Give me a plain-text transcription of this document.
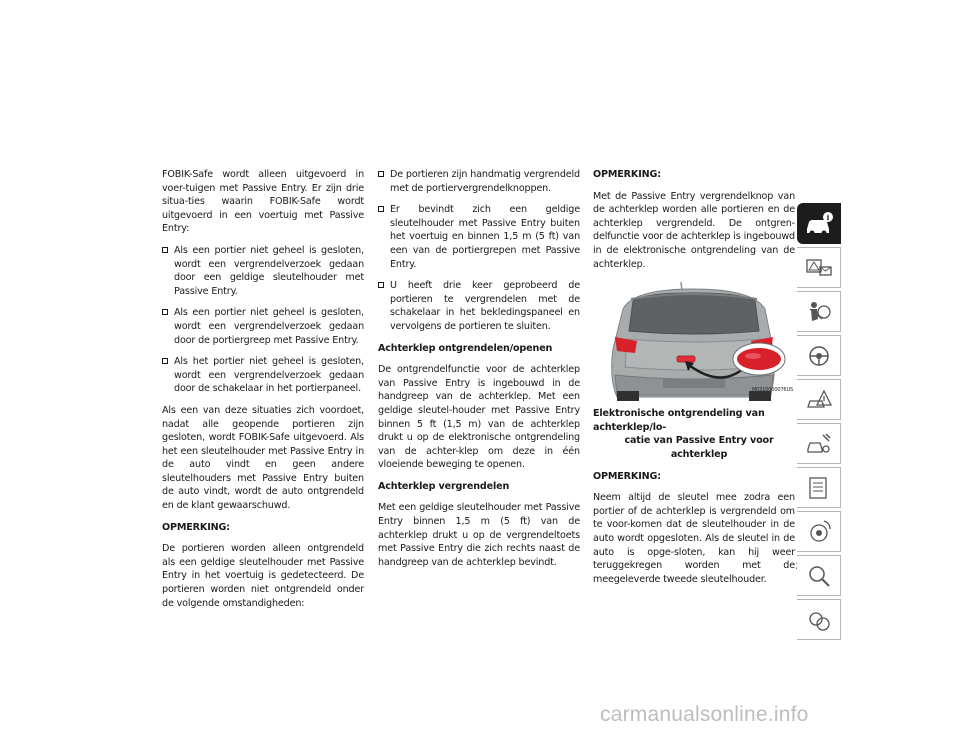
FOBIK-Safe wordt alleen uitgevoerd in voer-tuigen met Passive Entry. Er zijn drie situa-ties waarin FOBIK-Safe wordt uitgevoerd in een voertuig met Passive Entry:

Als een portier niet geheel is gesloten, wordt een vergrendelverzoek gedaan door een geldige sleutelhouder met Passive Entry.
Als een portier niet geheel is gesloten, wordt een vergrendelverzoek gedaan door de portiergreep met Passive Entry.
Als het portier niet geheel is gesloten, wordt een vergrendelverzoek gedaan door de schakelaar in het portierpaneel.

Als een van deze situaties zich voordoet, nadat alle geopende portieren zijn gesloten, wordt FOBIK-Safe uitgevoerd. Als het een sleutelhouder met Passive Entry in de auto vindt en geen andere sleutelhouders met Passive Entry buiten de auto vindt, wordt de auto ontgrendeld en de klant gewaarschuwd.

OPMERKING:

De portieren worden alleen ontgrendeld als een geldige sleutelhouder met Passive Entry in het voertuig is gedetecteerd. De portieren worden niet ontgrendeld onder de volgende omstandigheden:

De portieren zijn handmatig vergrendeld met de portiervergrendelknoppen.
Er bevindt zich een geldige sleutelhouder met Passive Entry buiten het voertuig en binnen 1,5 m (5 ft) van een van de portiergrepen met Passive Entry.
U heeft drie keer geprobeerd de portieren te vergrendelen met de schakelaar in het bekledingspaneel en vervolgens de portieren te sluiten.

Achterklep ontgrendelen/openen

De ontgrendelfunctie voor de achterklep van Passive Entry is ingebouwd in de handgreep van de achterklep. Met een geldige sleutel-houder met Passive Entry binnen 5 ft (1,5 m) van de achterklep drukt u op de elektronische ontgrendeling van de achter-klep om deze in één vloeiende beweging te openen.

Achterklep vergrendelen

Met een geldige sleutelhouder met Passive Entry binnen 1,5 m (5 ft) van de achterklep drukt u op de vergrendeltoets met Passive Entry die zich rechts naast de handgreep van de achterklep bevindt.

OPMERKING:

Met de Passive Entry vergrendelknop van de achterklep worden alle portieren en de achterklep vergrendeld. De ontgren-delfunctie voor de achterklep is ingebouwd in de elektronische ontgrendeling van de achterklep.

M0310000076US

Elektronische ontgrendeling van achterklep/lo-
catie van Passive Entry voor achterklep

OPMERKING:

Neem altijd de sleutel mee zodra een portier of de achterklep is vergrendeld om te voor-komen dat de sleutelhouder in de auto wordt opgesloten. Als de sleutel in de auto is opge-sloten, kan hij weer teruggekregen worden met de meegeleverde tweede sleutelhouder.

i
carmanualsonline.info
